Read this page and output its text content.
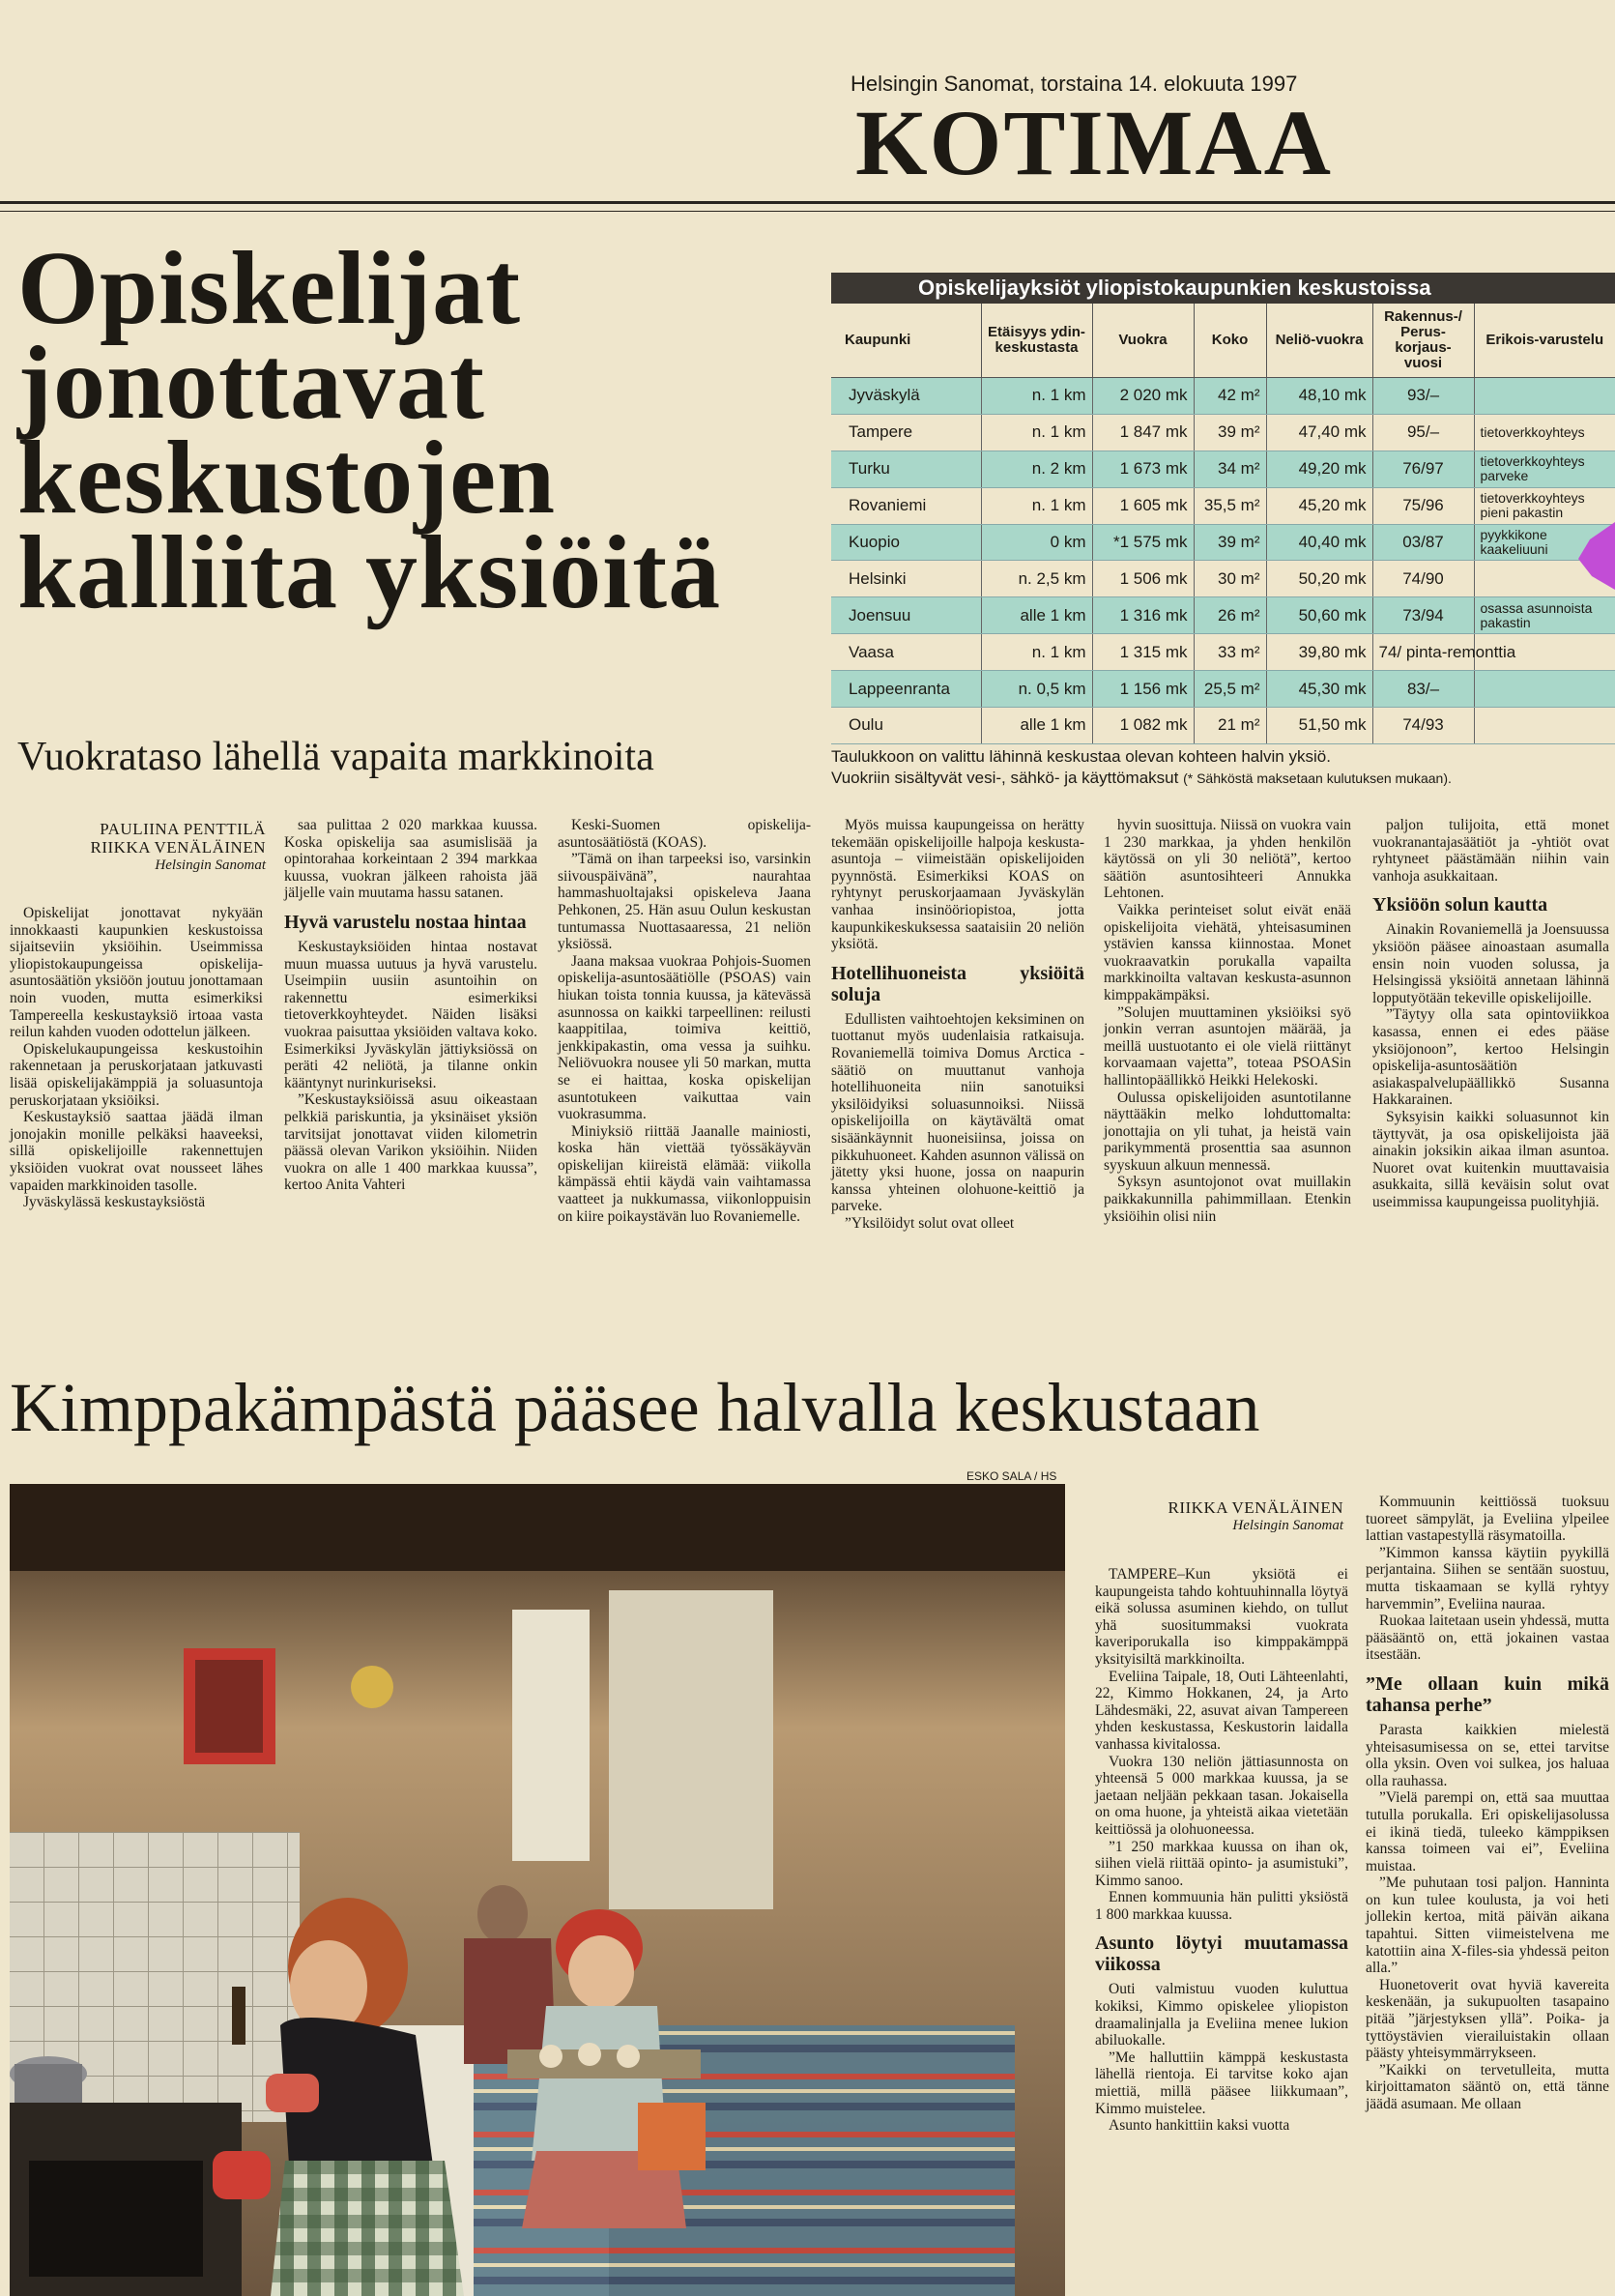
Helsingin Sanomat, torstaina 14. elokuuta 1997
KOTIMAA
Opiskelijat
jonottavat
keskustojen
kalliita yksiöitä
Vuokrataso lähellä vapaita markkinoita
Opiskelijayksiöt yliopistokaupunkien keskustoissa
Kaupunki	Etäisyys ydin-keskustasta	Vuokra	Koko	Neliö-vuokra	Rakennus-/ Perus-korjaus-vuosi	Erikois-varustelu
Jyväskylä	n. 1 km	2 020 mk	42 m²	48,10 mk	93/–	
Tampere	n. 1 km	1 847 mk	39 m²	47,40 mk	95/–	tietoverkkoyhteys
Turku	n. 2 km	1 673 mk	34 m²	49,20 mk	76/97	tietoverkkoyhteys parveke
Rovaniemi	n. 1 km	1 605 mk	35,5 m²	45,20 mk	75/96	tietoverkkoyhteys pieni pakastin
Kuopio	0 km	*1 575 mk	39 m²	40,40 mk	03/87	pyykkikone kaakeliuuni
Helsinki	n. 2,5 km	1 506 mk	30 m²	50,20 mk	74/90	
Joensuu	alle 1 km	1 316 mk	26 m²	50,60 mk	73/94	osassa asunnoista pakastin
Vaasa	n. 1 km	1 315 mk	33 m²	39,80 mk	74/ pinta-remonttia	
Lappeenranta	n. 0,5 km	1 156 mk	25,5 m²	45,30 mk	83/–	
Oulu	alle 1 km	1 082 mk	21 m²	51,50 mk	74/93	
Taulukkoon on valittu lähinnä keskustaa olevan kohteen halvin yksiö.
Vuokriin sisältyvät vesi-, sähkö- ja käyttömaksut (* Sähköstä maksetaan kulutuksen mukaan).
PAULIINA PENTTILÄ
RIIKKA VENÄLÄINEN
Helsingin Sanomat

Opiskelijat jonottavat nykyään innokkaasti kaupunkien keskustoissa sijaitseviin yksiöihin. Useimmissa yliopistokaupungeissa opiskelija-asuntosäätiön yksiöön joutuu jonottamaan noin vuoden, mutta esimerkiksi Tampereella keskustayksiö irtoaa vasta reilun kahden vuoden odottelun jälkeen.

Opiskelukaupungeissa keskustoihin rakennetaan ja peruskorjataan jatkuvasti lisää opiskelijakämppiä ja soluasuntoja peruskorjataan yksiöiksi.

Keskustayksiö saattaa jäädä ilman jonojakin monille pelkäksi haaveeksi, sillä opiskelijoille rakennettujen yksiöiden vuokrat ovat nousseet lähes vapaiden markkinoiden tasolle.

Jyväskylässä keskustayksiöstä

saa pulittaa 2 020 markkaa kuussa. Koska opiskelija saa asumislisää ja opintorahaa korkeintaan 2 394 markkaa kuussa, vuokran jälkeen rahoista jää jäljelle vain muutama hassu satanen.

Hyvä varustelu nostaa hintaa

Keskustayksiöiden hintaa nostavat muun muassa uutuus ja hyvä varustelu. Useimpiin uusiin asuntoihin on rakennettu esimerkiksi tietoverkkoyhteydet. Näiden lisäksi vuokraa paisuttaa yksiöiden valtava koko. Esimerkiksi Jyväskylän jättiyksiössä on peräti 42 neliötä, ja tilanne onkin kääntynyt nurinkuriseksi.

”Keskustayksiöissä asuu oikeastaan pelkkiä pariskuntia, ja yksinäiset yksiön tarvitsijat jonottavat viiden kilometrin päässä olevan Varikon yksiöihin. Niiden vuokra on alle 1 400 markkaa kuussa”, kertoo Anita Vahteri

Keski-Suomen opiskelija-asuntosäätiöstä (KOAS).

”Tämä on ihan tarpeeksi iso, varsinkin siivouspäivänä”, naurahtaa hammashuoltajaksi opiskeleva Jaana Pehkonen, 25. Hän asuu Oulun keskustan tuntumassa Nuottasaaressa, 21 neliön yksiössä.

Jaana maksaa vuokraa Pohjois-Suomen opiskelija-asuntosäätiölle (PSOAS) vain hiukan toista tonnia kuussa, ja kätevässä asunnossa on kaikki tarpeellinen: reilusti kaappitilaa, toimiva keittiö, jenkkipakastin, oma vessa ja suihku. Neliövuokra nousee yli 50 markan, mutta se ei haittaa, koska opiskelijan asuntotukeen vaikuttaa vain vuokrasumma.

Miniyksiö riittää Jaanalle mainiosti, koska hän viettää työssäkäyvän opiskelijan kiireistä elämää: viikolla kämpässä ehtii käydä vain vaihtamassa vaatteet ja nukkumassa, viikonloppuisin on kiire poikaystävän luo Rovaniemelle.

Myös muissa kaupungeissa on herätty tekemään opiskelijoille halpoja keskusta-asuntoja – viimeistään opiskelijoiden pyynnöstä. Esimerkiksi KOAS on ryhtynyt peruskorjaamaan Jyväskylän vanhaa insinööriopistoa, jotta kaupunkikeskuksessa saataisiin 20 neliön yksiötä.

Hotellihuoneista yksiöitä soluja

Edullisten vaihtoehtojen keksiminen on tuottanut myös uudenlaisia ratkaisuja. Rovaniemellä toimiva Domus Arctica -säätiö on muuttanut vanhoja hotellihuoneita niin sanotuiksi yksilöidyiksi soluasunnoiksi. Niissä opiskelijoilla on käytävältä omat sisäänkäynnit huoneisiinsa, joissa on pikkuhuoneet. Kahden asunnon välissä on jätetty yksi huone, jossa on naapurin kanssa yhteinen olohuone-keittiö ja parveke.

”Yksilöidyt solut ovat olleet

hyvin suosittuja. Niissä on vuokra vain 1 230 markkaa, ja yhden henkilön käytössä on yli 30 neliötä”, kertoo säätiön asuntosihteeri Annukka Lehtonen.

Vaikka perinteiset solut eivät enää opiskelijoita viehätä, yhteisasuminen ystävien kanssa kiinnostaa. Monet vuokraavatkin porukalla vapailta markkinoilta valtavan keskusta-asunnon kimppakämpäksi.

”Solujen muuttaminen yksiöiksi syö jonkin verran asuntojen määrää, ja meillä uustuotanto ei ole vielä riittänyt korvaamaan vajetta”, toteaa PSOASin hallintopäällikkö Heikki Helekoski.

Oulussa opiskelijoiden asuntotilanne näyttääkin melko lohduttomalta: jonottajia on yli tuhat, ja heistä vain parikymmentä prosenttia saa asunnon syyskuun alkuun mennessä.

Syksyn asuntojonot ovat muillakin paikkakunnilla pahimmillaan. Etenkin yksiöihin olisi niin

paljon tulijoita, että monet vuokranantajasäätiöt ja -yhtiöt ovat ryhtyneet päästämään niihin vain vanhoja asukkaitaan.

Yksiöön solun kautta

Ainakin Rovaniemellä ja Joensuussa yksiöön pääsee ainoastaan asumalla ensin noin vuoden solussa, ja Helsingissä yksiöitä annetaan lähinnä lopputyötään tekeville opiskelijoille.

”Täytyy olla sata opintoviikkoa kasassa, ennen ei edes pääse yksiöjonoon”, kertoo Helsingin opiskelija-asuntosäätiön asiakaspalvelupäällikkö Susanna Hakkarainen.

Syksyisin kaikki soluasunnot kin täyttyvät, ja osa opiskelijoista jää ainakin joksikin aikaa ilman asuntoa. Nuoret ovat kuitenkin muuttavaisia asukkaita, sillä keväisin solut ovat useimmissa kaupungeissa puolityhjiä.

Kimppakämpästä pääsee halvalla keskustaan
ESKO SALA / HS
RIIKKA VENÄLÄINEN
Helsingin Sanomat

TAMPERE–Kun yksiötä ei kaupungeista tahdo kohtuuhinnalla löytyä eikä solussa asuminen kiehdo, on tullut yhä suositummaksi vuokrata kaveriporukalla iso kimppakämppä yksityisiltä markkinoilta.

Eveliina Taipale, 18, Outi Lähteenlahti, 22, Kimmo Hokkanen, 24, ja Arto Lähdesmäki, 22, asuvat aivan Tampereen yhden keskustassa, Keskustorin laidalla vanhassa kivitalossa.

Vuokra 130 neliön jättiasunnosta on yhteensä 5 000 markkaa kuussa, ja se jaetaan neljään pekkaan tasan. Jokaisella on oma huone, ja yhteistä aikaa vietetään keittiössä ja olohuoneessa.

”1 250 markkaa kuussa on ihan ok, siihen vielä riittää opinto- ja asumistuki”, Kimmo sanoo.

Ennen kommuunia hän pulitti yksiöstä 1 800 markkaa kuussa.

Asunto löytyi muutamassa viikossa

Outi valmistuu vuoden kuluttua kokiksi, Kimmo opiskelee yliopiston draamalinjalla ja Eveliina menee lukion abiluokalle.

”Me halluttiin kämppä keskustasta lähellä rientoja. Ei tarvitse koko ajan miettiä, millä pääsee liikkumaan”, Kimmo muistelee.

Asunto hankittiin kaksi vuotta

Kommuunin keittiössä tuoksuu tuoreet sämpylät, ja Eveliina ylpeilee lattian vastapestyllä räsymatoilla.

”Kimmon kanssa käytiin pyykillä perjantaina. Siihen se sentään suostuu, mutta tiskaamaan se kyllä ryhtyy harvemmin”, Eveliina nauraa.

Ruokaa laitetaan usein yhdessä, mutta pääsääntö on, että jokainen vastaa itsestään.

”Me ollaan kuin mikä tahansa perhe”

Parasta kaikkien mielestä yhteisasumisessa on se, ettei tarvitse olla yksin. Oven voi sulkea, jos haluaa olla rauhassa.

”Vielä parempi on, että saa muuttaa tutulla porukalla. Eri opiskelijasolussa ei ikinä tiedä, tuleeko kämppiksen kanssa toimeen vai ei”, Eveliina muistaa.

”Me puhutaan tosi paljon. Hanninta on kun tulee koulusta, ja voi heti jollekin kertoa, mitä päivän aikana tapahtui. Sitten viimeistelvena me katottiin aina X-files-sia yhdessä peiton alla.”

Huonetoverit ovat hyviä kavereita keskenään, ja sukupuolten tasapaino pitää ”järjestyksen yllä”. Poika- ja tyttöystävien vierailuistakin ollaan päästy yhteisymmärrykseen.

”Kaikki on tervetulleita, mutta kirjoittamaton sääntö on, että tänne jäädä asumaan. Me ollaan
